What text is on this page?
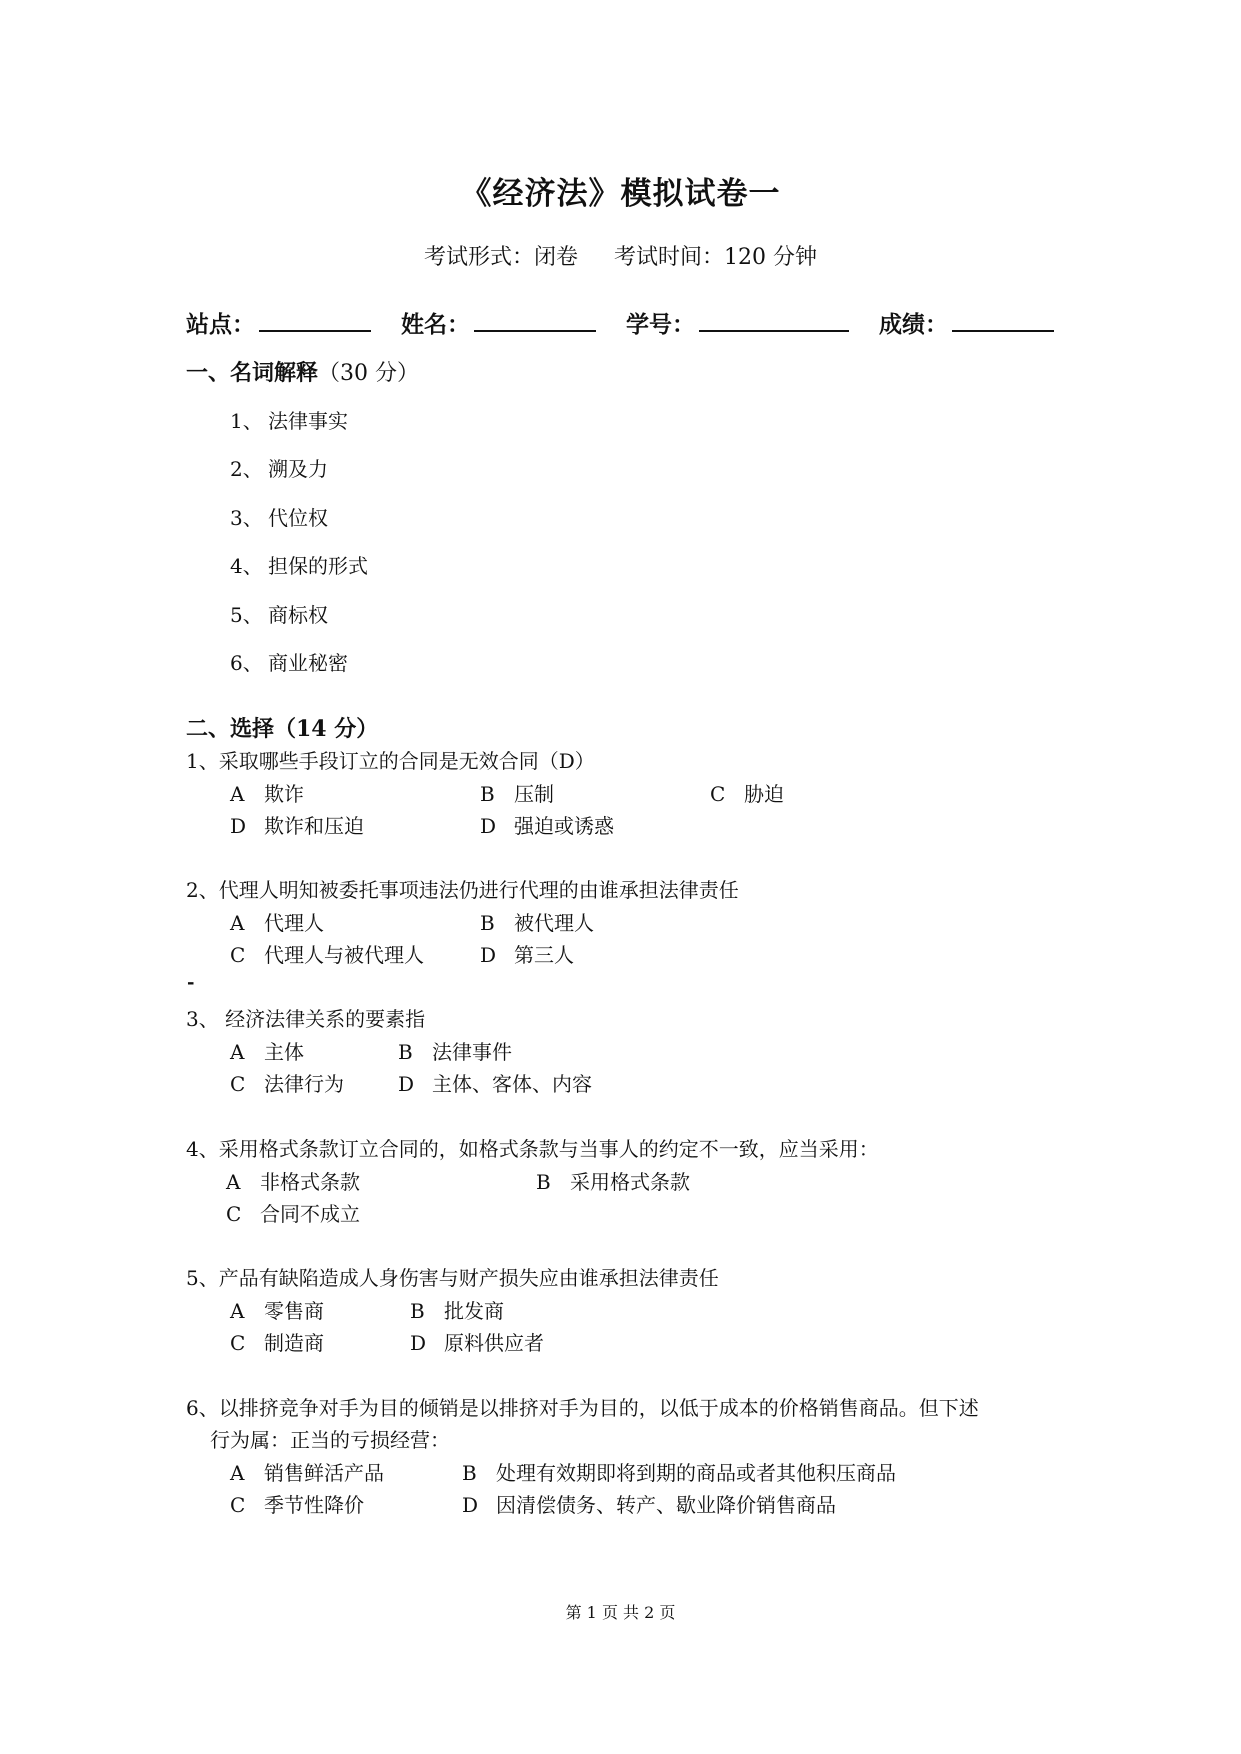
《经济法》模拟试卷一
考试形式：闭卷 考试时间：120 分钟
站点：	姓名：	学号：	成绩：
一、名词解释（30 分）
1、 法律事实
2、 溯及力
3、 代位权
4、 担保的形式
5、 商标权
6、 商业秘密
二、选择（14 分）
1、采取哪些手段订立的合同是无效合同（D）
A 欺诈	B 压制	C 胁迫
D 欺诈和压迫	D 强迫或诱惑
2、代理人明知被委托事项违法仍进行代理的由谁承担法律责任
A 代理人	B 被代理人
C 代理人与被代理人	D 第三人
-
3、 经济法律关系的要素指
A 主体	B 法律事件
C 法律行为	D 主体、客体、内容
4、采用格式条款订立合同的，如格式条款与当事人的约定不一致，应当采用：
A 非格式条款	B 采用格式条款
C 合同不成立
5、产品有缺陷造成人身伤害与财产损失应由谁承担法律责任
A 零售商	B 批发商
C 制造商	D 原料供应者
6、以排挤竞争对手为目的倾销是以排挤对手为目的，以低于成本的价格销售商品。但下述
行为属：正当的亏损经营：
A 销售鲜活产品	B 处理有效期即将到期的商品或者其他积压商品
C 季节性降价	D 因清偿债务、转产、歇业降价销售商品
第 1 页 共 2 页
